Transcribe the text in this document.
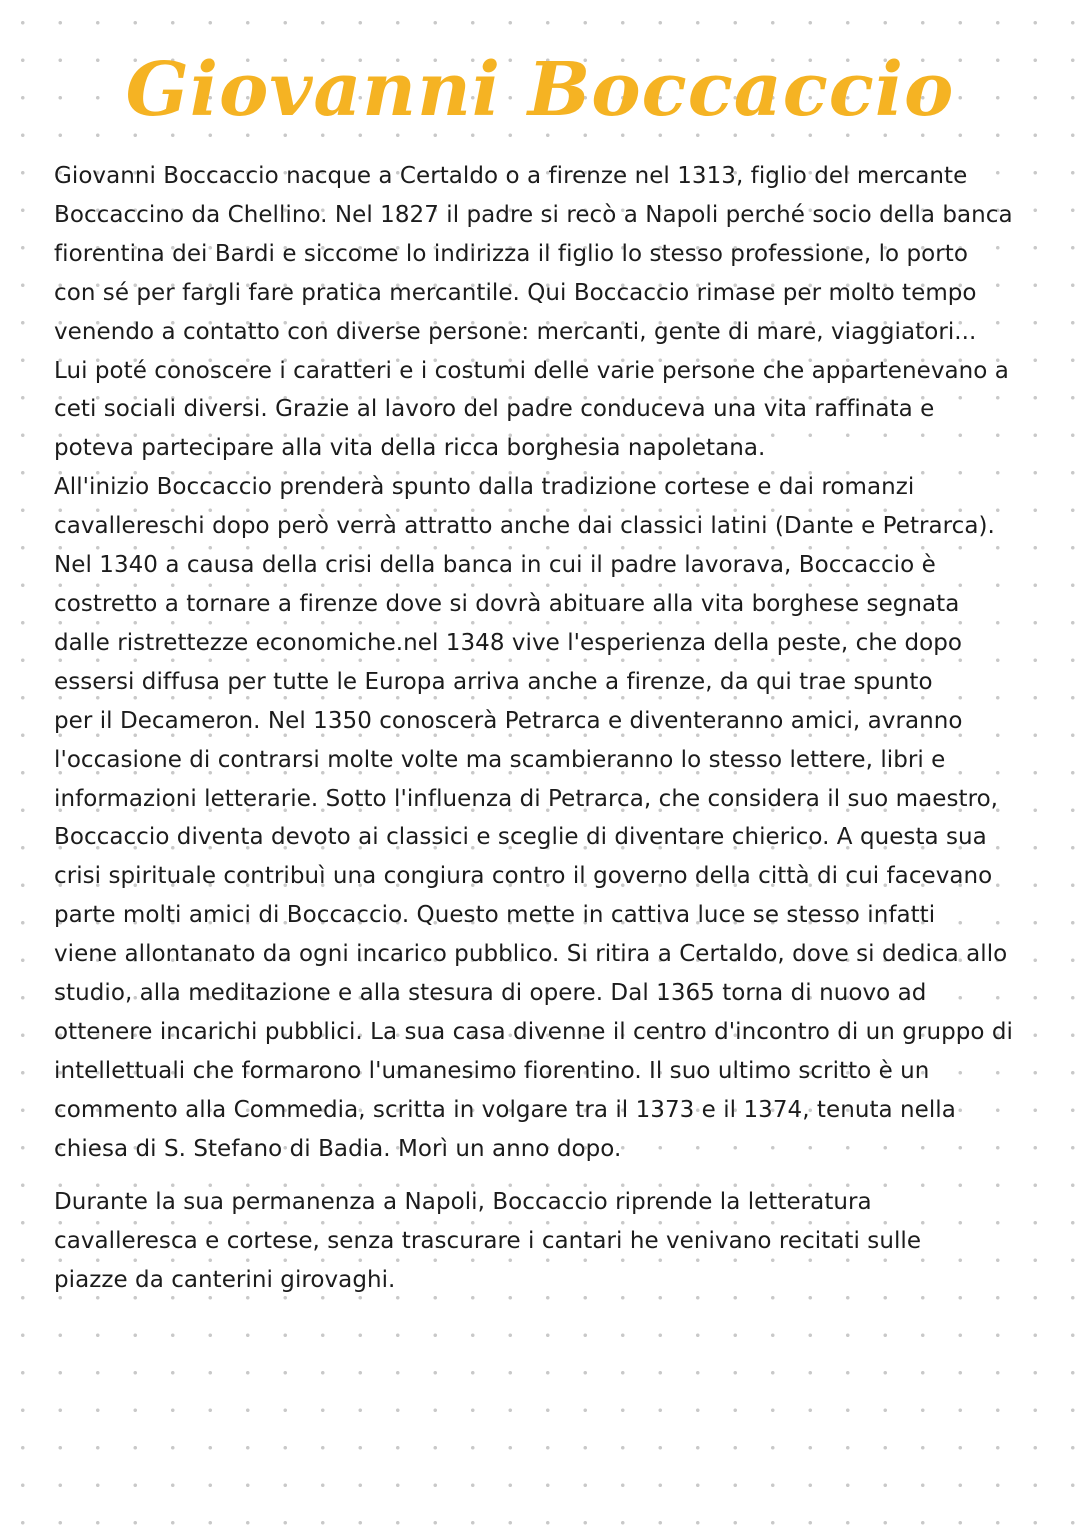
Giovanni Boccaccio
Giovanni Boccaccio nacque a Certaldo o a firenze nel 1313, figlio del mercante
Boccaccino da Chellino. Nel 1827 il padre si recò a Napoli perché socio della banca
fiorentina dei Bardi e siccome lo indirizza il figlio lo stesso professione, lo porto
con sé per fargli fare pratica mercantile. Qui Boccaccio rimase per molto tempo
venendo a contatto con diverse persone: mercanti, gente di mare, viaggiatori...
Lui poté conoscere i caratteri e i costumi delle varie persone che appartenevano a
ceti sociali diversi. Grazie al lavoro del padre conduceva una vita raffinata e
poteva partecipare alla vita della ricca borghesia napoletana.
All'inizio Boccaccio prenderà spunto dalla tradizione cortese e dai romanzi
cavallereschi dopo però verrà attratto anche dai classici latini (Dante e Petrarca).
Nel 1340 a causa della crisi della banca in cui il padre lavorava, Boccaccio è
costretto a tornare a firenze dove si dovrà abituare alla vita borghese segnata
dalle ristrettezze economiche.nel 1348 vive l'esperienza della peste, che dopo
essersi diffusa per tutte le Europa arriva anche a firenze, da qui trae spunto
per il Decameron. Nel 1350 conoscerà Petrarca e diventeranno amici, avranno
l'occasione di contrarsi molte volte ma scambieranno lo stesso lettere, libri e
informazioni letterarie. Sotto l'influenza di Petrarca, che considera il suo maestro,
Boccaccio diventa devoto ai classici e sceglie di diventare chierico. A questa sua
crisi spirituale contribuì una congiura contro il governo della città di cui facevano
parte molti amici di Boccaccio. Questo mette in cattiva luce se stesso infatti
viene allontanato da ogni incarico pubblico. Si ritira a Certaldo, dove si dedica allo
studio, alla meditazione e alla stesura di opere. Dal 1365 torna di nuovo ad
ottenere incarichi pubblici. La sua casa divenne il centro d'incontro di un gruppo di
intellettuali che formarono l'umanesimo fiorentino. Il suo ultimo scritto è un
commento alla Commedia, scritta in volgare tra il 1373 e il 1374, tenuta nella
chiesa di S. Stefano di Badia. Morì un anno dopo.
Durante la sua permanenza a Napoli, Boccaccio riprende la letteratura
cavalleresca e cortese, senza trascurare i cantari he venivano recitati sulle
piazze da canterini girovaghi.
